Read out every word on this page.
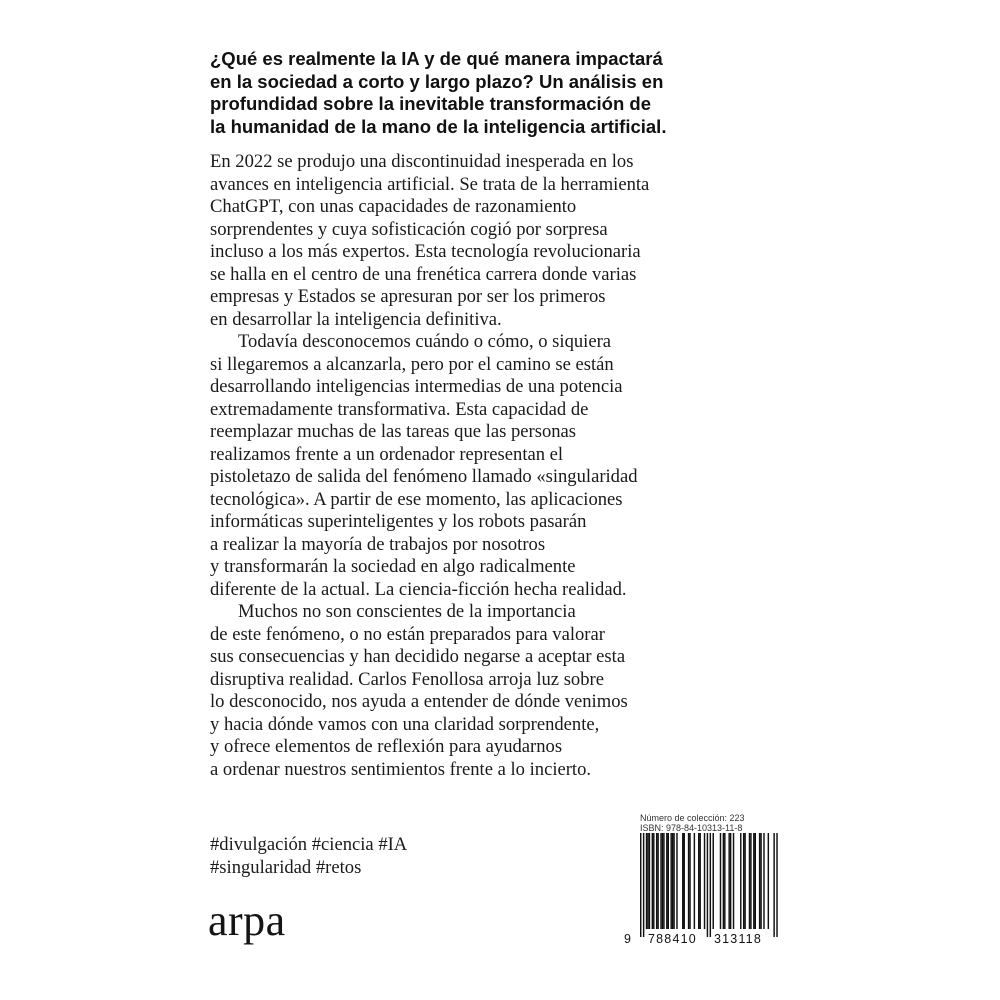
¿Qué es realmente la IA y de qué manera impactará
en la sociedad a corto y largo plazo? Un análisis en
profundidad sobre la inevitable transformación de
la humanidad de la mano de la inteligencia artificial.
En 2022 se produjo una discontinuidad inesperada en los
avances en inteligencia artificial. Se trata de la herramienta
ChatGPT, con unas capacidades de razonamiento
sorprendentes y cuya sofisticación cogió por sorpresa
incluso a los más expertos. Esta tecnología revolucionaria
se halla en el centro de una frenética carrera donde varias
empresas y Estados se apresuran por ser los primeros
en desarrollar la inteligencia definitiva.
Todavía desconocemos cuándo o cómo, o siquiera
si llegaremos a alcanzarla, pero por el camino se están
desarrollando inteligencias intermedias de una potencia
extremadamente transformativa. Esta capacidad de
reemplazar muchas de las tareas que las personas
realizamos frente a un ordenador representan el
pistoletazo de salida del fenómeno llamado «singularidad
tecnológica». A partir de ese momento, las aplicaciones
informáticas superinteligentes y los robots pasarán
a realizar la mayoría de trabajos por nosotros
y transformarán la sociedad en algo radicalmente
diferente de la actual. La ciencia-ficción hecha realidad.
Muchos no son conscientes de la importancia
de este fenómeno, o no están preparados para valorar
sus consecuencias y han decidido negarse a aceptar esta
disruptiva realidad. Carlos Fenollosa arroja luz sobre
lo desconocido, nos ayuda a entender de dónde venimos
y hacia dónde vamos con una claridad sorprendente,
y ofrece elementos de reflexión para ayudarnos
a ordenar nuestros sentimientos frente a lo incierto.
#divulgación #ciencia #IA
#singularidad #retos
arpa
Número de colección: 223
ISBN: 978-84-10313-11-8
9 788410 313118
